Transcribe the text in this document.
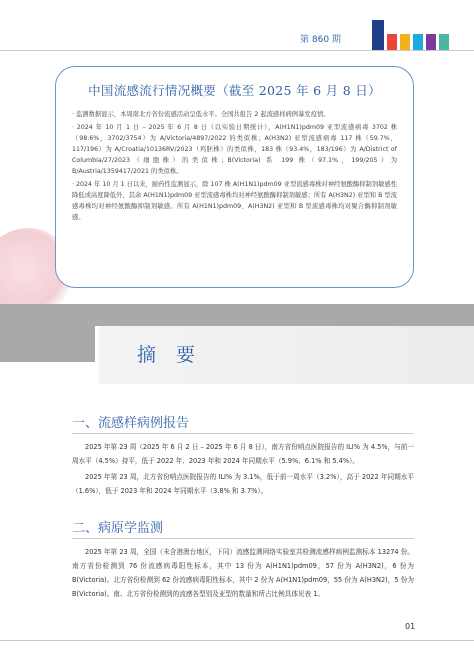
第 860 期
中国流感流行情况概要（截至 2025 年 6 月 8 日）

· 监测数据显示，本周南北方省份流感活动呈低水平。全国共报告 2 起流感样病例暴发疫情。

· 2024 年 10 月 1 日 – 2025 年 6 月 8 日（以实验日期统计），A(H1N1)pdm09 亚型流感病毒 3702 株（98.6%，3702/3754）为 A/Victoria/4897/2022 的类似株；A(H3N2) 亚型流感病毒 117 株（59.7%，117/196）为 A/Croatia/10136RV/2023（鸡胚株）的类似株，183 株（93.4%，183/196）为 A/District of Columbia/27/2023（细胞株）的类似株；B(Victoria) 系 199 株（97.1%，199/205）为 B/Austria/1359417/2021 的类似株。

· 2024 年 10 月 1 日以来，耐药性监测显示，除 107 株 A(H1N1)pdm09 亚型流感毒株对神经氨酸酶抑制剂敏感性降低或高度降低外，其余 A(H1N1)pdm09 亚型流感毒株均对神经氨酸酶抑制剂敏感；所有 A(H3N2) 亚型和 B 型流感毒株均对神经氨酸酶抑制剂敏感。所有 A(H1N1)pdm09、A(H3N2) 亚型和 B 型流感毒株均对聚合酶抑制剂敏感。

摘要
一、流感样病例报告

2025 年第 23 周（2025 年 6 月 2 日 – 2025 年 6 月 8 日），南方省份哨点医院报告的 ILI% 为 4.5%，与前一周水平（4.5%）持平，低于 2022 年、2023 年和 2024 年同期水平（5.9%、6.1% 和 5.4%）。

2025 年第 23 周，北方省份哨点医院报告的 ILI% 为 3.1%，低于前一周水平（3.2%），高于 2022 年同期水平（1.6%），低于 2023 年和 2024 年同期水平（3.8% 和 3.7%）。

二、病原学监测

2025 年第 23 周，全国（未含港澳台地区，下同）流感监测网络实验室共检测流感样病例监测标本 13274 份。南方省份检测到 76 份流感病毒阳性标本，其中 13 份为 A(H1N1)pdm09，57 份为 A(H3N2)，6 份为 B(Victoria)。北方省份检测到 62 份流感病毒阳性标本，其中 2 份为 A(H1N1)pdm09，55 份为 A(H3N2)，5 份为 B(Victoria)。南、北方省份检测到的流感各型别及亚型的数量和所占比例具体见表 1。

01
